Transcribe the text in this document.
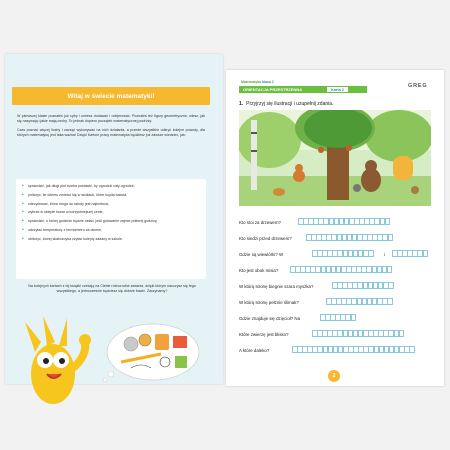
Witaj w świecie matematyki!

W pierwszej klasie poznałeś już cyfry i umiesz dodawać i odejmować. Poznałeś też figury geometryczne, wiesz, jak się nazywają i jakie mają cechy. To jednak dopiero początek matematycznej podróży.

Czas poznać więcej liczby i zacząć wykonywać na nich działania, a przede wszystkim odkryć kolejne powody, dla których matematykę jest taka ważna! Dzięki Kartom pracy matematyka będziesz już zawsze wiedzieć, jak:

• sprawdzić, jak długi płot trzeba postawić, by ogrodzić cały ogródek,
• policzyć, ile dżemu zmieści się w słoikach, które kupiła babcia,
• zdecydować, która droga do szkoły jest najkrótsza,
• wybrać w sklepie towar w korzystniejszej cenie,
• sprawdzić, o której godzinie będzie obiad, jeśli gotowanie zajmie półtorej godziny,
• odczytać temperaturę z termometru za oknem,
• obliczyć, której skakczoyka czytać kolejny zadany w szkole.
Na kolejnych kartach z tej książki czekają na Ciebie różnorodne zadania, dzięki którym nauczysz się tego wszystkiego, a jednocześnie będziesz się dobrze bawić. Zaczynamy?
Matematyka klasa 2
ORIENTACJA PRZESTRZENNA	Karta 2
GREG
1. Przyjrzyj się ilustracji i uzupełnij zdania.
Kto stoi za drzewem?
Kto siedzi przed drzewem?
Gdzie są wiewiórki? W	i
Kto jest obok misia?
W którą stronę biegnie szara myszka?
W którą stronę pełznie ślimak?
Gdzie znajduje się dzięcioł? Na
Które zwierzę jest blisko?
A które daleko?
2
